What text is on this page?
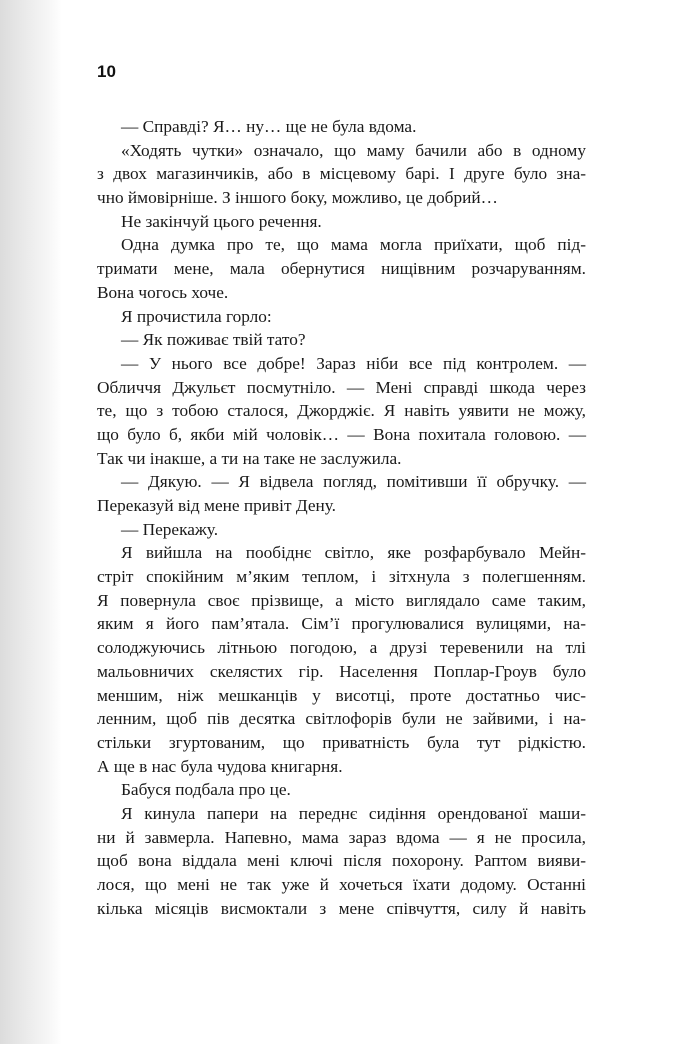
10
— Справді? Я… ну… ще не була вдома.
«Ходять чутки» означало, що маму бачили або в одному
з двох магазинчиків, або в місцевому барі. І друге було зна-
чно ймовірніше. З іншого боку, можливо, це добрий…
Не закінчуй цього речення.
Одна думка про те, що мама могла приїхати, щоб під-
тримати мене, мала обернутися нищівним розчаруванням.
Вона чогось хоче.
Я прочистила горло:
— Як поживає твій тато?
— У нього все добре! Зараз ніби все під контролем. —
Обличчя Джульєт посмутніло. — Мені справді шкода через
те, що з тобою сталося, Джорджіє. Я навіть уявити не можу,
що було б, якби мій чоловік… — Вона похитала головою. —
Так чи інакше, а ти на таке не заслужила.
— Дякую. — Я відвела погляд, помітивши її обручку. —
Переказуй від мене привіт Дену.
— Перекажу.
Я вийшла на пообіднє світло, яке розфарбувало Мейн-
стріт спокійним м’яким теплом, і зітхнула з полегшенням.
Я повернула своє прізвище, а місто виглядало саме таким,
яким я його пам’ятала. Сім’ї прогулювалися вулицями, на-
солоджуючись літньою погодою, а друзі теревенили на тлі
мальовничих скелястих гір. Населення Поплар-Гроув було
меншим, ніж мешканців у висотці, проте достатньо чис-
ленним, щоб пів десятка світлофорів були не зайвими, і на-
стільки згуртованим, що приватність була тут рідкістю.
А ще в нас була чудова книгарня.
Бабуся подбала про це.
Я кинула папери на переднє сидіння орендованої маши-
ни й завмерла. Напевно, мама зараз вдома — я не просила,
щоб вона віддала мені ключі після похорону. Раптом вияви-
лося, що мені не так уже й хочеться їхати додому. Останні
кілька місяців висмоктали з мене співчуття, силу й навіть
